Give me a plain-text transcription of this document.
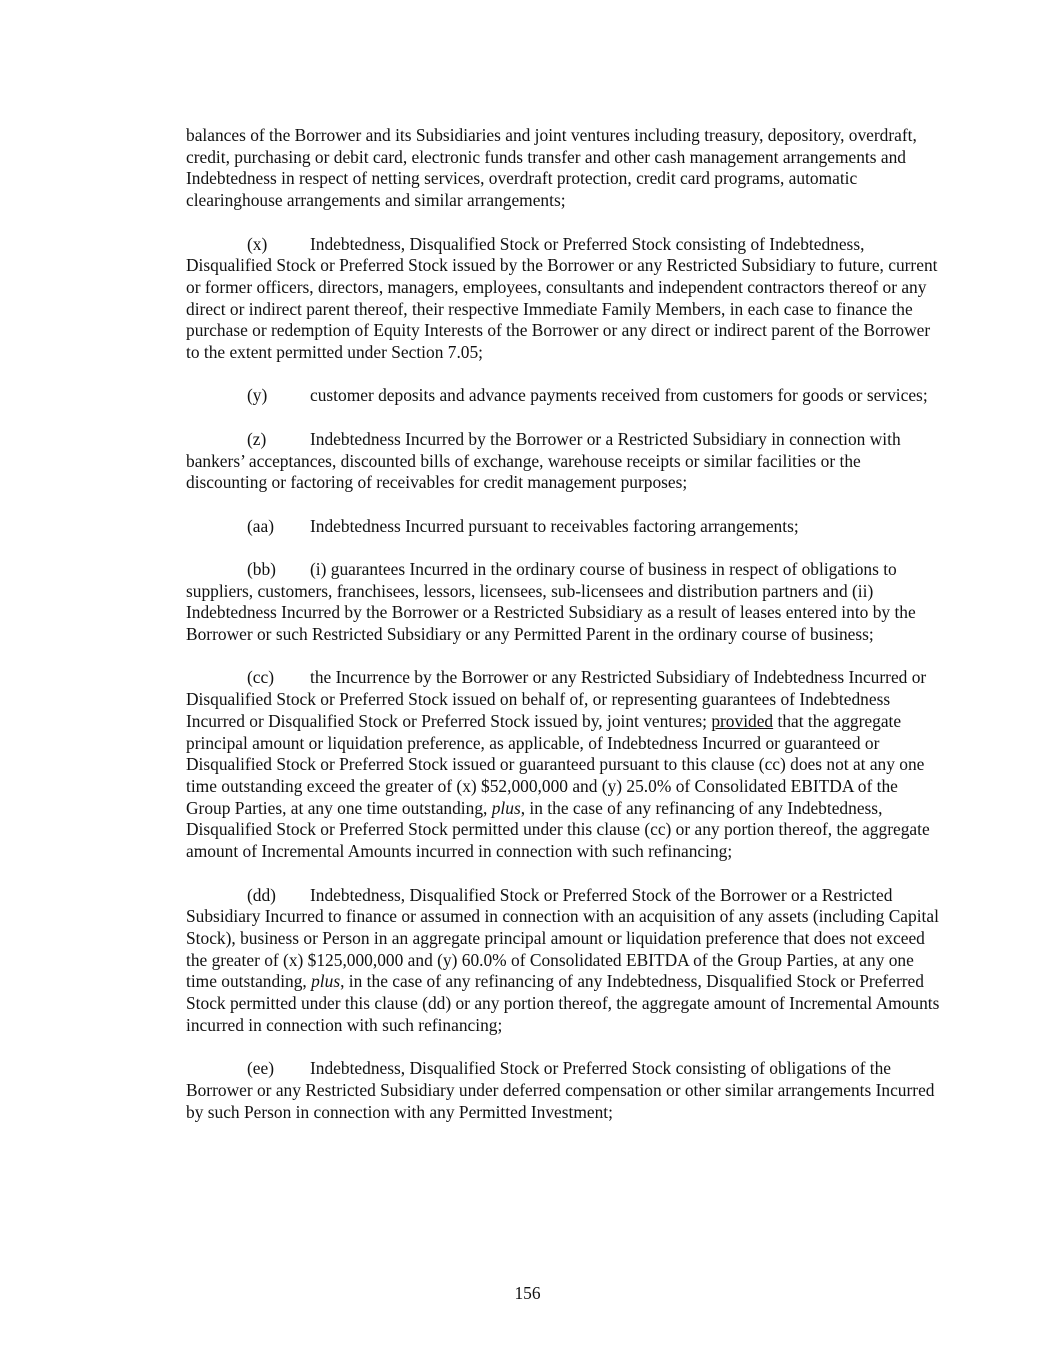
balances of the Borrower and its Subsidiaries and joint ventures including treasury, depository, overdraft, credit, purchasing or debit card, electronic funds transfer and other cash management arrangements and Indebtedness in respect of netting services, overdraft protection, credit card programs, automatic clearinghouse arrangements and similar arrangements;

(x) Indebtedness, Disqualified Stock or Preferred Stock consisting of Indebtedness, Disqualified Stock or Preferred Stock issued by the Borrower or any Restricted Subsidiary to future, current or former officers, directors, managers, employees, consultants and independent contractors thereof or any direct or indirect parent thereof, their respective Immediate Family Members, in each case to finance the purchase or redemption of Equity Interests of the Borrower or any direct or indirect parent of the Borrower to the extent permitted under Section 7.05;

(y) customer deposits and advance payments received from customers for goods or services;

(z)	Indebtedness Incurred by the Borrower or a Restricted Subsidiary in connection with bankers’ acceptances, discounted bills of exchange, warehouse receipts or similar facilities or the discounting or factoring of receivables for credit management purposes;

(aa) Indebtedness Incurred pursuant to receivables factoring arrangements;

(bb) (i) guarantees Incurred in the ordinary course of business in respect of obligations to suppliers, customers, franchisees, lessors, licensees, sub-licensees and distribution partners and (ii) Indebtedness Incurred by the Borrower or a Restricted Subsidiary as a result of leases entered into by the Borrower or such Restricted Subsidiary or any Permitted Parent in the ordinary course of business;

(cc) the Incurrence by the Borrower or any Restricted Subsidiary of Indebtedness Incurred or Disqualified Stock or Preferred Stock issued on behalf of, or representing guarantees of Indebtedness Incurred or Disqualified Stock or Preferred Stock issued by, joint ventures; provided that the aggregate principal amount or liquidation preference, as applicable, of Indebtedness Incurred or guaranteed or Disqualified Stock or Preferred Stock issued or guaranteed pursuant to this clause (cc) does not at any one time outstanding exceed the greater of (x) $52,000,000 and (y) 25.0% of Consolidated EBITDA of the Group Parties, at any one time outstanding, plus, in the case of any refinancing of any Indebtedness, Disqualified Stock or Preferred Stock permitted under this clause (cc) or any portion thereof, the aggregate amount of Incremental Amounts incurred in connection with such refinancing;

(dd) Indebtedness, Disqualified Stock or Preferred Stock of the Borrower or a Restricted Subsidiary Incurred to finance or assumed in connection with an acquisition of any assets (including Capital Stock), business or Person in an aggregate principal amount or liquidation preference that does not exceed the greater of (x) $125,000,000 and (y) 60.0% of Consolidated EBITDA of the Group Parties, at any one time outstanding, plus, in the case of any refinancing of any Indebtedness, Disqualified Stock or Preferred Stock permitted under this clause (dd) or any portion thereof, the aggregate amount of Incremental Amounts incurred in connection with such refinancing;

(ee) Indebtedness, Disqualified Stock or Preferred Stock consisting of obligations of the Borrower or any Restricted Subsidiary under deferred compensation or other similar arrangements Incurred by such Person in connection with any Permitted Investment;

156
